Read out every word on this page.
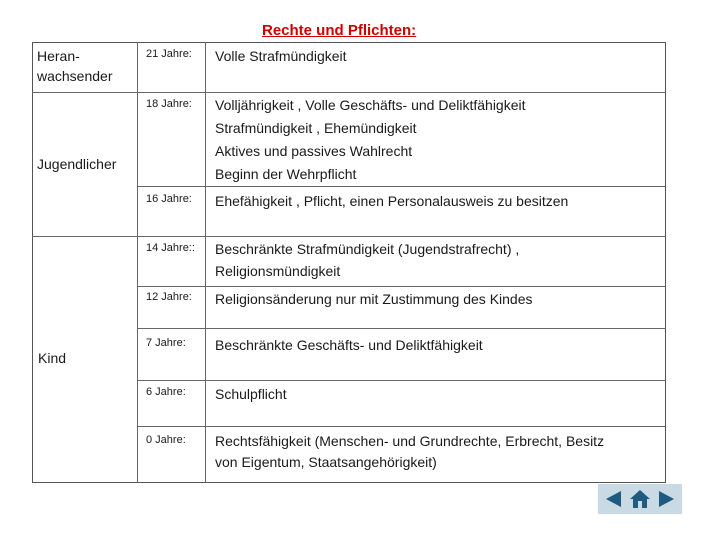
Rechte und Pflichten:
Heran-
wachsender
Jugendlicher
Kind
21 Jahre:
18 Jahre:
16 Jahre:
14 Jahre::
12 Jahre:
7 Jahre:
6 Jahre:
0 Jahre:
Volle Strafmündigkeit
Volljährigkeit , Volle Geschäfts- und Deliktfähigkeit
Strafmündigkeit , Ehemündigkeit
Aktives und passives Wahlrecht
Beginn der Wehrpflicht
Ehefähigkeit , Pflicht, einen Personalausweis zu besitzen
Beschränkte Strafmündigkeit (Jugendstrafrecht) ,
Religionsmündigkeit
Religionsänderung nur mit Zustimmung des Kindes
Beschränkte Geschäfts- und Deliktfähigkeit
Schulpflicht
Rechtsfähigkeit (Menschen- und Grundrechte, Erbrecht, Besitz
von Eigentum, Staatsangehörigkeit)
